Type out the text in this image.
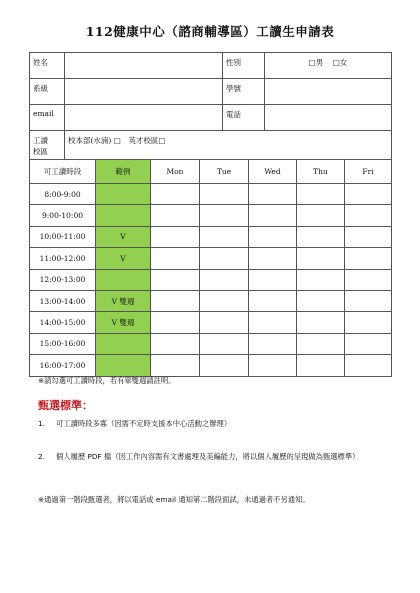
112健康中心（諮商輔導區）工讀生申請表
姓名		性別	□男 □女
系級		學號	
email		電話	

工讀
校區	校本部(水湳) □　英才校區□		
可工讀時段	範例	Mon	Tue	Wed	Thu	Fri
8:00-9:00						
9:00-10:00						
10:00-11:00	V					
11:00-12:00	V					
12:00-13:00						
13:00-14:00	V 雙週					
14:00-15:00	V 雙週					
15:00-16:00						
16:00-17:00						
※請勾選可工讀時段，若有單雙週請註明。
甄選標準：
1. 可工讀時段多寡（因需不定時支援本中心活動之辦理）
2. 個人履歷 PDF 檔（因工作內容需有文書處理及美編能力，將以個人履歷的呈現做為甄選標準）
※通過第一階段甄選者，將以電話或 email 通知第二階段面試，未通過者不另通知。
